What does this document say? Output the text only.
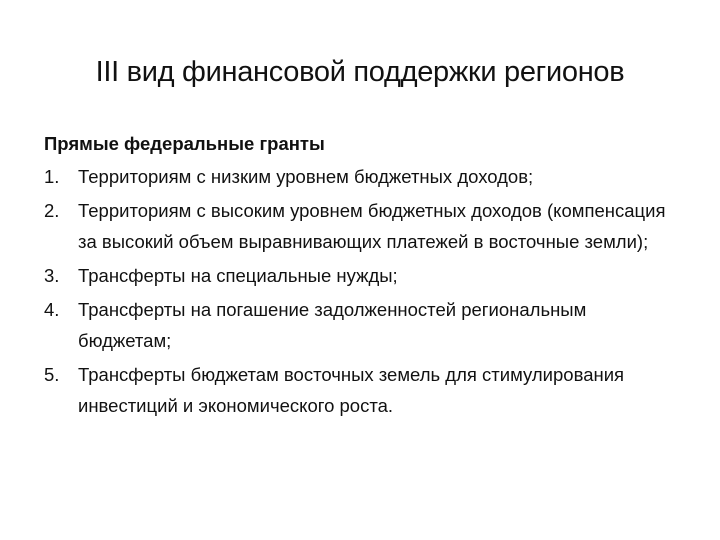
III вид финансовой поддержки регионов
Прямые федеральные гранты
1. Территориям с низким уровнем бюджетных доходов;
2. Территориям с высоким уровнем бюджетных доходов (компенсация за высокий объем выравнивающих платежей в восточные земли);
3. Трансферты на специальные нужды;
4. Трансферты на погашение задолженностей региональным бюджетам;
5. Трансферты бюджетам восточных земель для стимулирования инвестиций и экономического роста.
